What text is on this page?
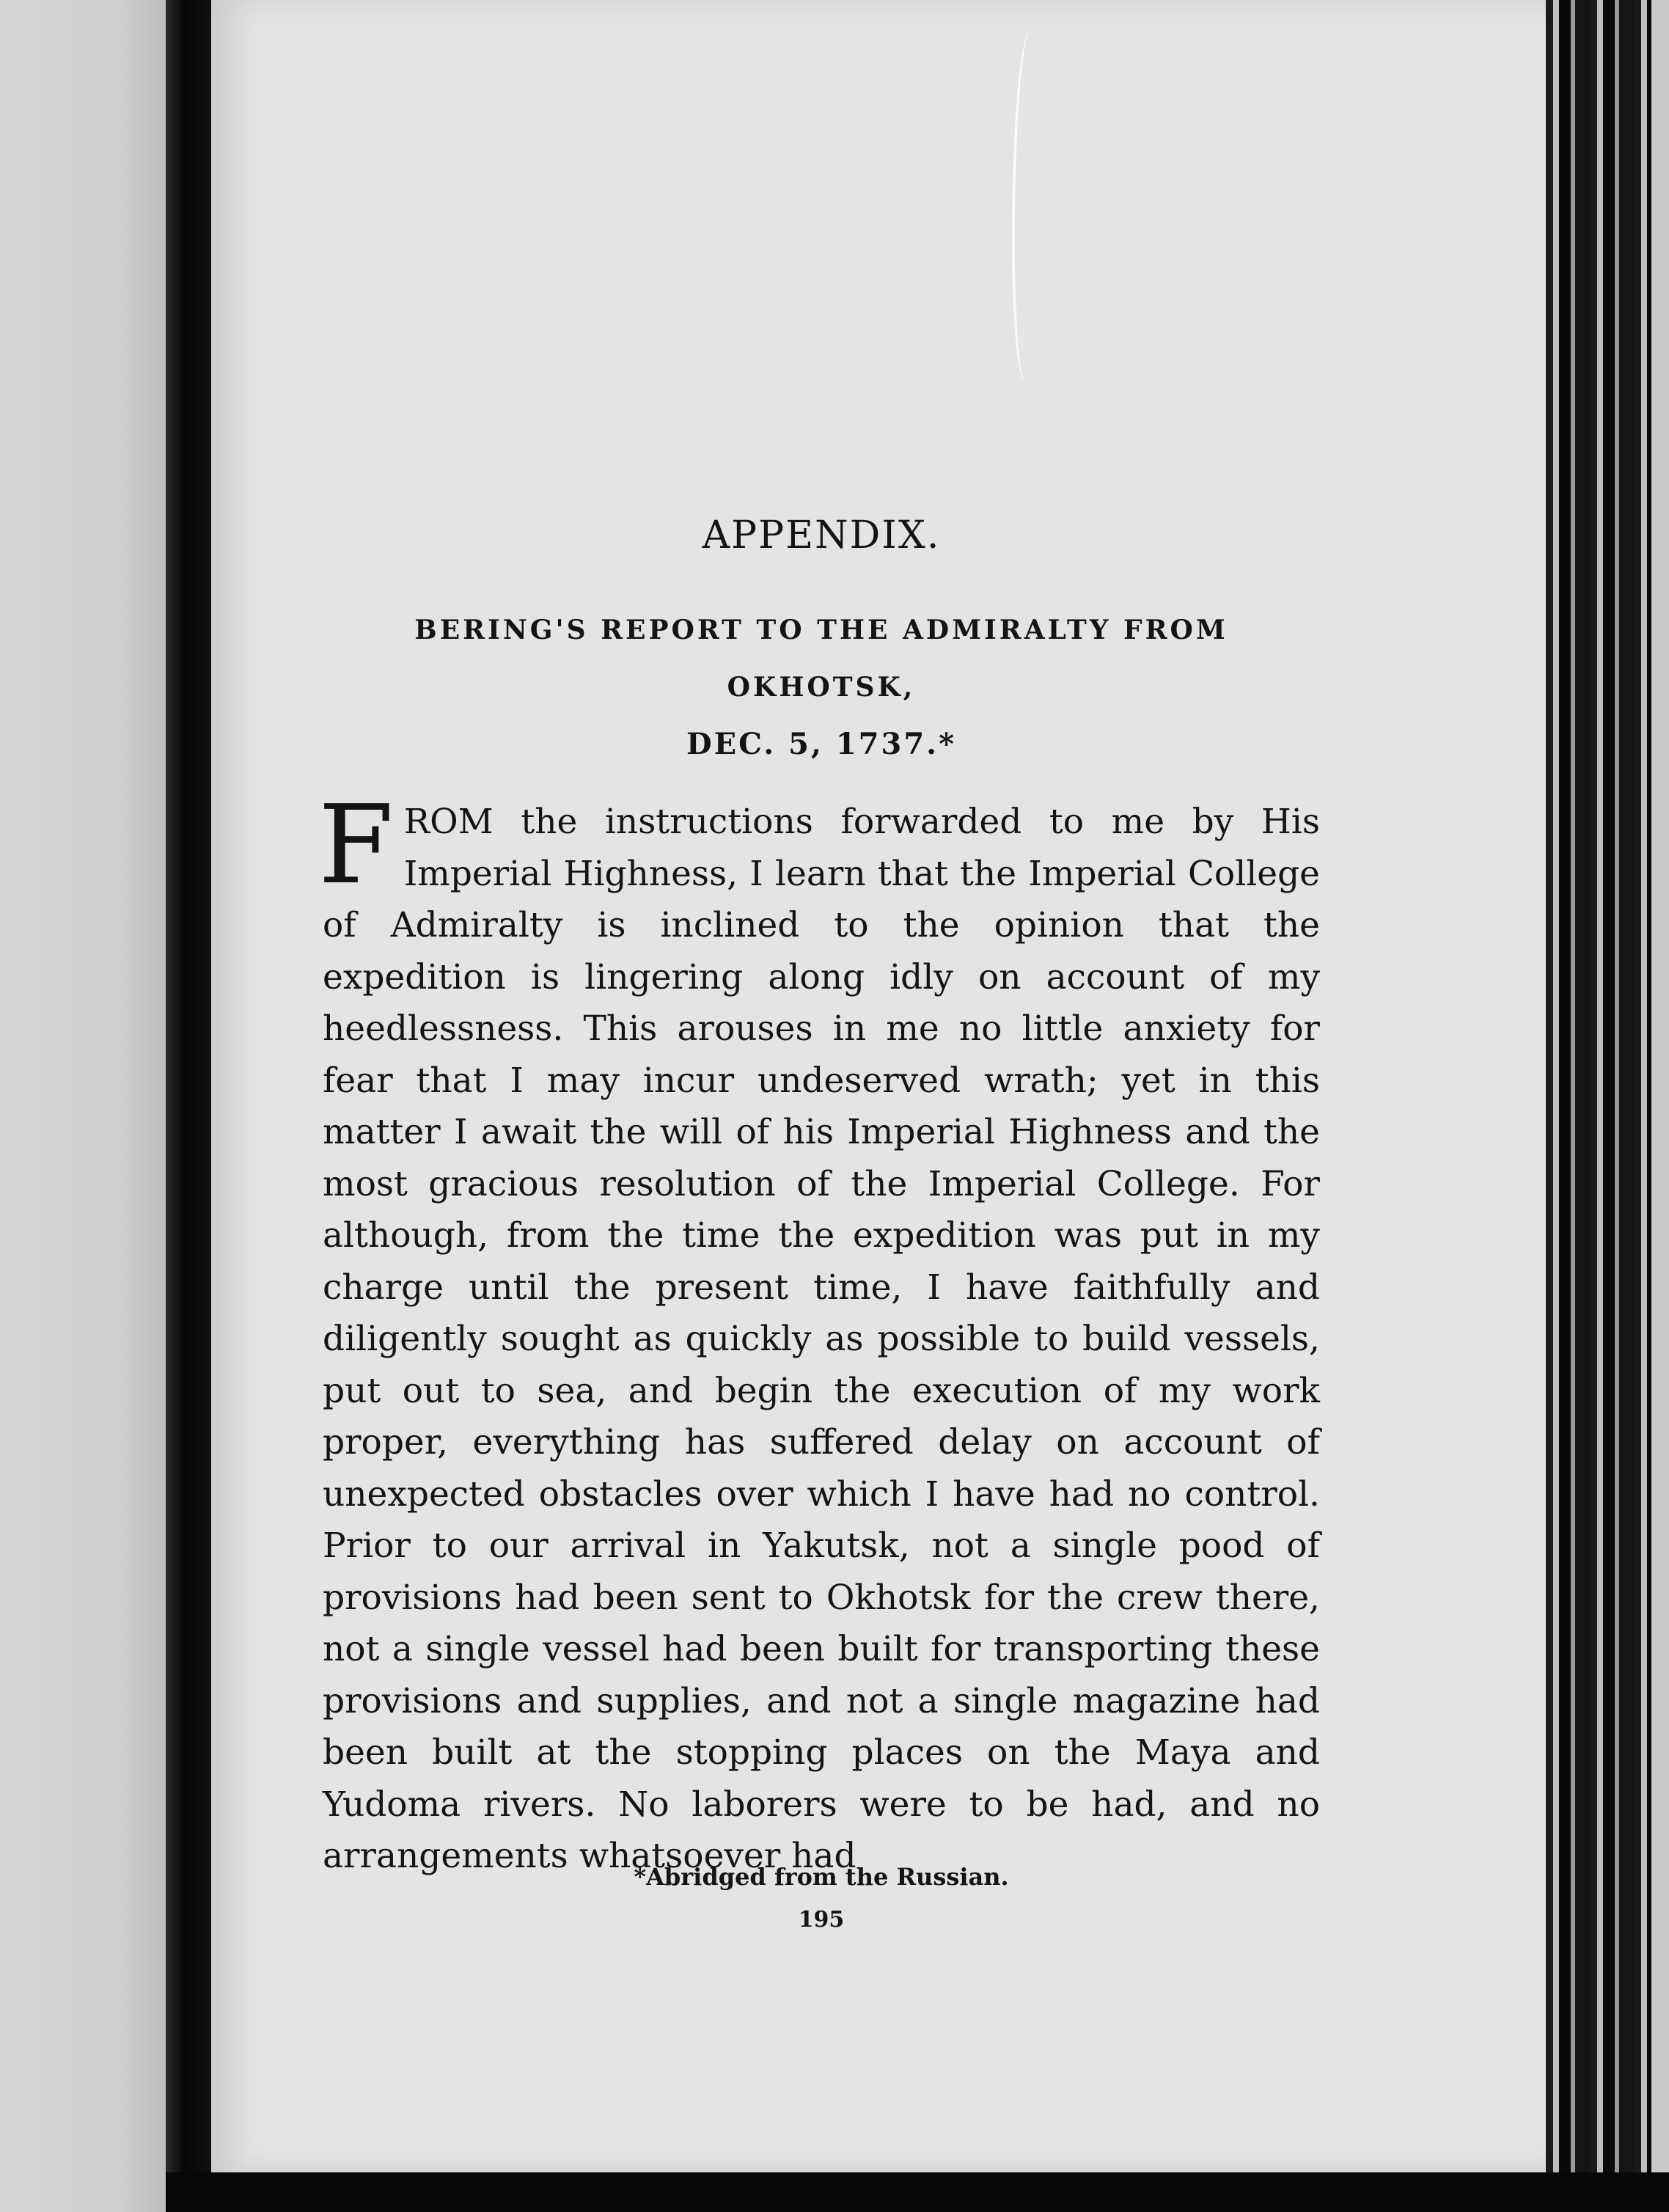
APPENDIX.
BERING'S REPORT TO THE ADMIRALTY FROM OKHOTSK,
DEC. 5, 1737.*

FROM the instructions forwarded to me by His Imperial Highness, I learn that the Imperial College of Admiralty is inclined to the opinion that the expedition is lingering along idly on account of my heedlessness. This arouses in me no little anxiety for fear that I may incur undeserved wrath; yet in this matter I await the will of his Imperial Highness and the most gracious resolution of the Imperial College. For although, from the time the expedition was put in my charge until the present time, I have faithfully and diligently sought as quickly as possible to build vessels, put out to sea, and begin the execution of my work proper, everything has suffered delay on account of unexpected obstacles over which I have had no control. Prior to our arrival in Yakutsk, not a single pood of provisions had been sent to Okhotsk for the crew there, not a single vessel had been built for transporting these provisions and supplies, and not a single magazine had been built at the stopping places on the Maya and Yudoma rivers. No laborers were to be had, and no arrangements whatsoever had

*Abridged from the Russian.
195
